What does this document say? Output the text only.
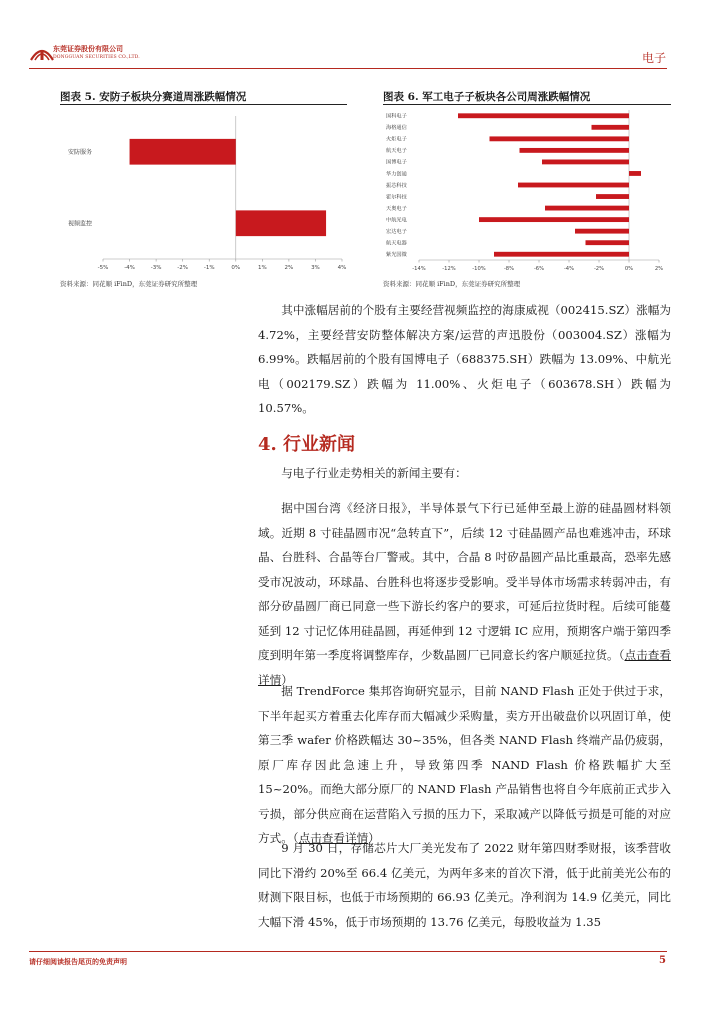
东莞证券股份有限公司
DONGGUAN SECURITIES CO.,LTD.	电子
图表 5. 安防子板块分赛道周涨跌幅情况
安防服务
视频监控
-5%	-4%	-3%	-2%	-1%	0%	1%	2%	3%	4%
资料来源：同花顺 iFinD，东莞证券研究所整理
图表 6. 军工电子子板块各公司周涨跌幅情况
国科电子
海格通信
火炬电子
航天电子
国博电子
华力创通
振芯科技
霍尔科技
天奥电子
中航光电
宏达电子
航天电器
紫光国微
-14%	-12%	-10%	-8%	-6%	-4%	-2%	0%	2%
资料来源：同花顺 iFinD，东莞证券研究所整理

其中涨幅居前的个股有主要经营视频监控的海康威视（002415.SZ）涨幅为 4.72%，主要经营安防整体解决方案/运营的声迅股份（003004.SZ）涨幅为 6.99%。跌幅居前的个股有国博电子（688375.SH）跌幅为 13.09%、中航光电（002179.SZ）跌幅为 11.00%、火炬电子（603678.SH）跌幅为 10.57%。

4. 行业新闻

与电子行业走势相关的新闻主要有：

据中国台湾《经济日报》，半导体景气下行已延伸至最上游的硅晶圆材料领域。近期 8 寸硅晶圆市况“急转直下”，后续 12 寸硅晶圆产品也难逃冲击，环球晶、台胜科、合晶等台厂警戒。其中，合晶 8 吋矽晶圆产品比重最高，恐率先感受市况波动，环球晶、台胜科也将逐步受影响。受半导体市场需求转弱冲击，有部分矽晶圆厂商已同意一些下游长约客户的要求，可延后拉货时程。后续可能蔓延到 12 寸记忆体用硅晶圆，再延伸到 12 寸逻辑 IC 应用，预期客户端于第四季度到明年第一季度将调整库存，少数晶圆厂已同意长约客户顺延拉货。（点击查看详情）

据 TrendForce 集邦咨询研究显示，目前 NAND Flash 正处于供过于求，下半年起买方着重去化库存而大幅减少采购量，卖方开出破盘价以巩固订单，使第三季 wafer 价格跌幅达 30~35%，但各类 NAND Flash 终端产品仍疲弱，原厂库存因此急速上升，导致第四季 NAND Flash 价格跌幅扩大至 15~20%。而绝大部分原厂的 NAND Flash 产品销售也将自今年底前正式步入亏损，部分供应商在运营陷入亏损的压力下，采取减产以降低亏损是可能的对应方式。（点击查看详情）

9 月 30 日，存储芯片大厂美光发布了 2022 财年第四财季财报，该季营收同比下滑约 20%至 66.4 亿美元，为两年多来的首次下滑，低于此前美光公布的财测下限目标，也低于市场预期的 66.93 亿美元。净利润为 14.9 亿美元，同比大幅下滑 45%，低于市场预期的 13.76 亿美元，每股收益为 1.35

请仔细阅读报告尾页的免责声明	5
